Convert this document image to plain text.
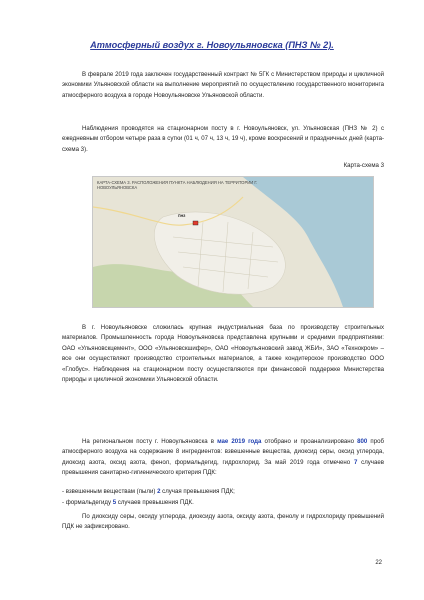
Атмосферный воздух г. Новоульяновска (ПНЗ № 2).
В феврале 2019 года заключен государственный контракт № 5ГК с Министерством природы и цикличной экономики Ульяновской области на выполнение мероприятий по осуществлению государственного мониторинга атмосферного воздуха в городе Новоульяновске Ульяновской области.
Наблюдения проводятся на стационарном посту в г. Новоульяновск, ул. Ульяновская (ПНЗ № 2) с ежедневным отбором четыре раза в сутки (01 ч, 07 ч, 13 ч, 19 ч), кроме воскресений и праздничных дней (карта-схема 3).
Карта-схема 3
КАРТА-СХЕМА 3. РАСПОЛОЖЕНИЯ ПУНКТА НАБЛЮДЕНИЯ НА ТЕРРИТОРИИ Г. НОВОУЛЬЯНОВСКА
ПНЗ
В г. Новоульяновске сложилась крупная индустриальная база по производству строительных материалов. Промышленность города Новоульяновска представлена крупными и средними предприятиями: ОАО «Ульяновскцемент», ООО «Ульяновскшифер», ОАО «Новоульяновский завод ЖБИ», ЗАО «Технокром» – все они осуществляют производство строительных материалов, а также кондитерское производство ООО «Глобус». Наблюдения на стационарном посту осуществляются при финансовой поддержке Министерства природы и цикличной экономики Ульяновской области.
На региональном посту г. Новоульяновска в мае 2019 года отобрано и проанализировано 800 проб атмосферного воздуха на содержание 8 ингредиентов: взвешенные вещества, диоксид серы, оксид углерода, диоксид азота, оксид азота, фенол, формальдегид, гидрохлорид. За май 2019 года отмечено 7 случаев превышения санитарно-гигиенического критерия ПДК:
- взвешенным веществам (пыли) 2 случая превышения ПДК;
- формальдегиду 5 случаев превышения ПДК.
По диоксиду серы, оксиду углерода, диоксиду азота, оксиду азота, фенолу и гидрохлориду превышений ПДК не зафиксировано.
22
